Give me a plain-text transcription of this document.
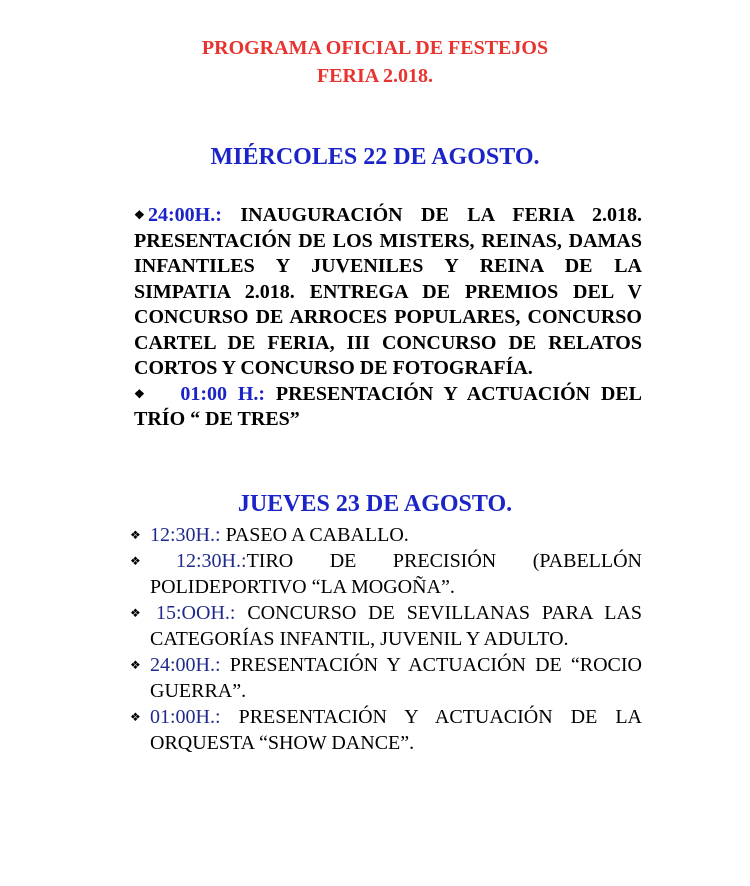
PROGRAMA OFICIAL DE FESTEJOS
FERIA 2.018.
MIÉRCOLES 22 DE AGOSTO.
❖ 24:00H.: INAUGURACIÓN DE LA FERIA 2.018. PRESENTACIÓN DE LOS MISTERS, REINAS, DAMAS INFANTILES Y JUVENILES Y REINA DE LA SIMPATIA 2.018. ENTREGA DE PREMIOS DEL V CONCURSO DE ARROCES POPULARES, CONCURSO CARTEL DE FERIA, III CONCURSO DE RELATOS CORTOS Y CONCURSO DE FOTOGRAFÍA.
❖ 01:00 H.: PRESENTACIÓN Y ACTUACIÓN DEL TRÍO “ DE TRES”
JUEVES 23 DE AGOSTO.
❖ 12:30H.: PASEO A CABALLO.
❖	12:30H.:TIRO DE PRECISIÓN (PABELLÓN POLIDEPORTIVO “LA MOGOÑA”.
❖ 15:OOH.: CONCURSO DE SEVILLANAS PARA LAS CATEGORÍAS INFANTIL, JUVENIL Y ADULTO.
❖ 24:00H.: PRESENTACIÓN Y ACTUACIÓN DE “ROCIO GUERRA”.
❖ 01:00H.: PRESENTACIÓN Y ACTUACIÓN DE LA ORQUESTA “SHOW DANCE”.
